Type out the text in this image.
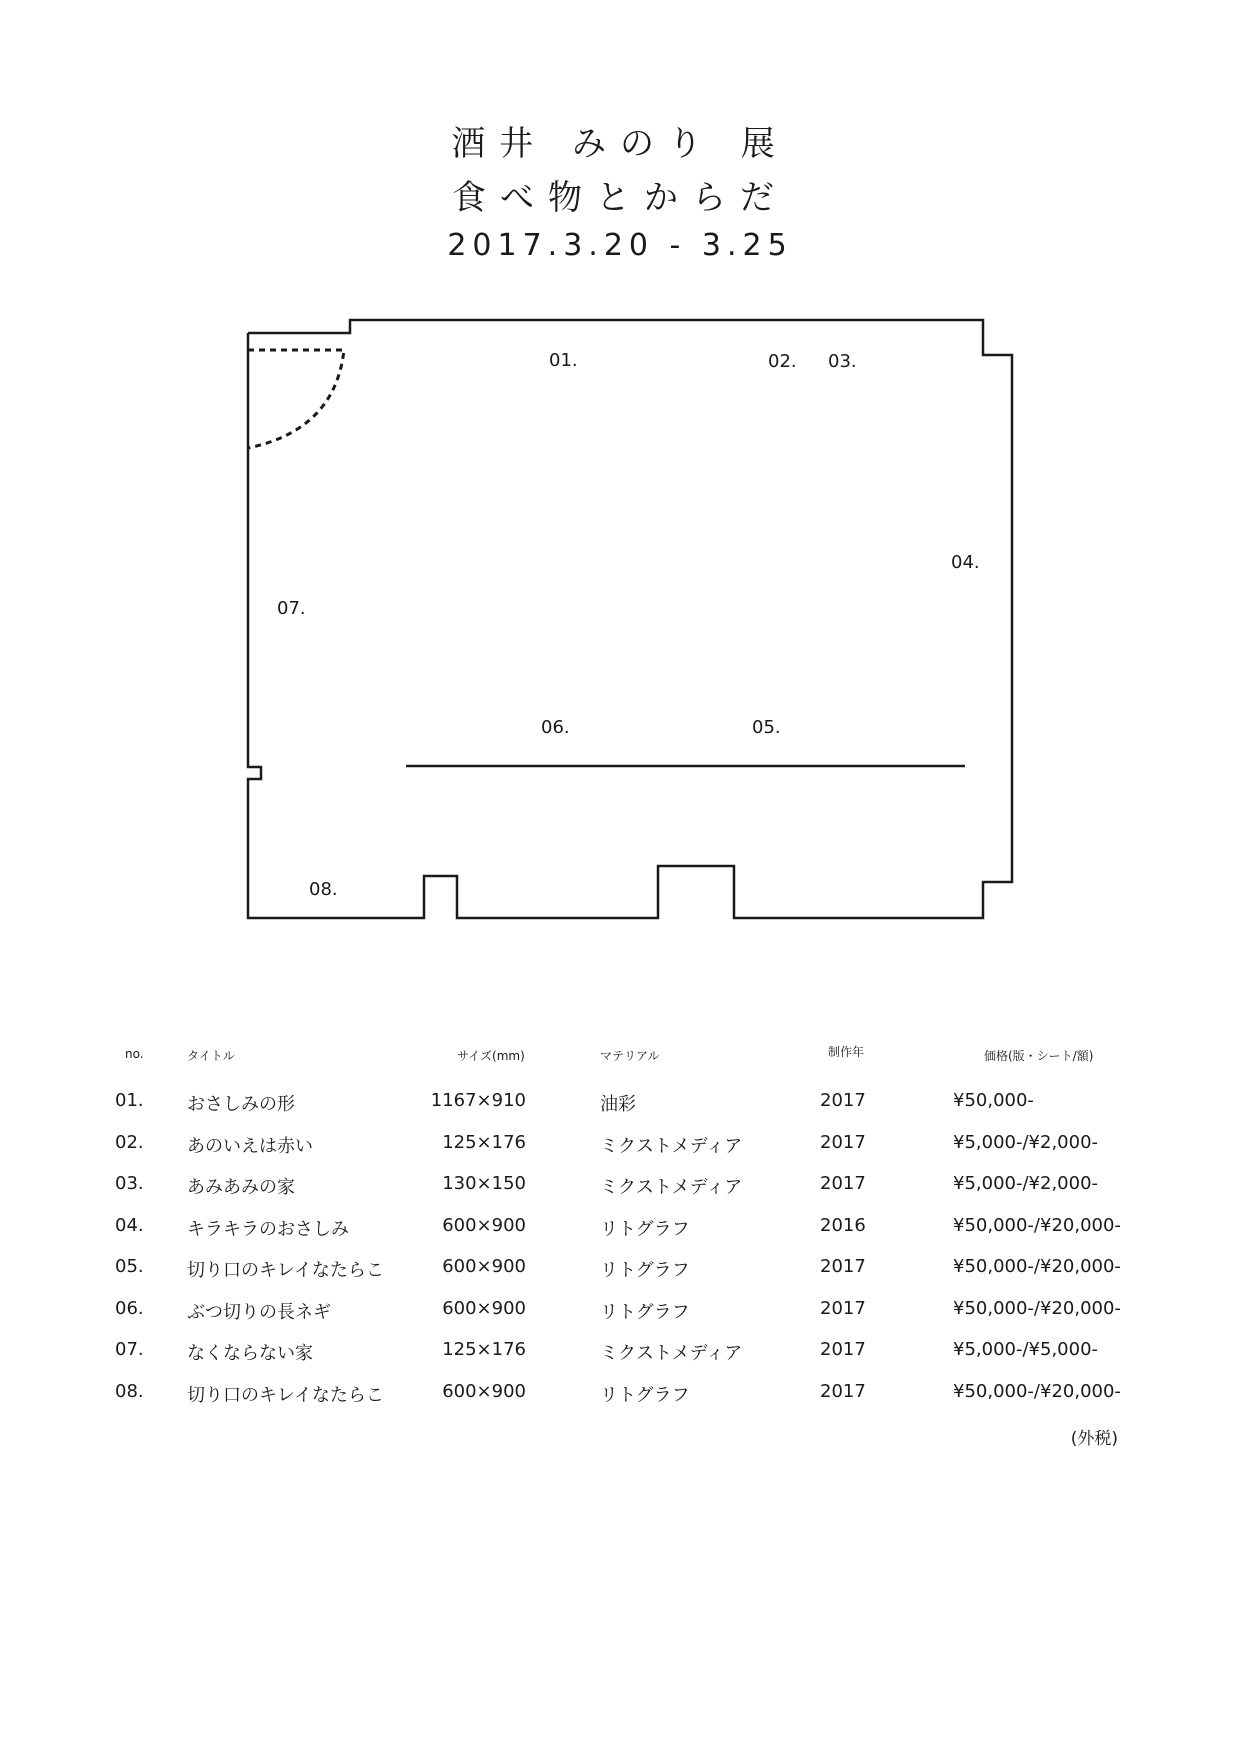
酒井 みのり 展
食べ物とからだ
2017.3.20 - 3.25
01.	02. 03.
04.
05.
06.
07.
08.
no.	タイトル	サイズ(mm)	マテリアル	制作年	価格(版・シート/額)
01. おさしみの形	1167×910	油彩	2017	¥50,000-
02. あのいえは赤い	125×176	ミクストメディア	2017	¥5,000-/¥2,000-
03. あみあみの家	130×150	ミクストメディア	2017	¥5,000-/¥2,000-
04. キラキラのおさしみ	600×900	リトグラフ	2016	¥50,000-/¥20,000-
05. 切り口のキレイなたらこ	600×900	リトグラフ	2017	¥50,000-/¥20,000-
06. ぶつ切りの長ネギ	600×900	リトグラフ	2017	¥50,000-/¥20,000-
07. なくならない家	125×176	ミクストメディア	2017	¥5,000-/¥5,000-
08. 切り口のキレイなたらこ	600×900	リトグラフ	2017	¥50,000-/¥20,000-
(外税)
